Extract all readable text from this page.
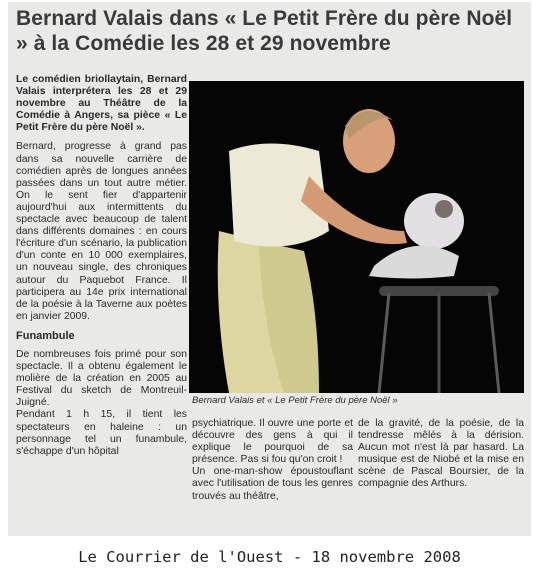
Bernard Valais dans « Le Petit Frère du père Noël » à la Comédie les 28 et 29 novembre

Le comédien briollaytain, Bernard Valais interprétera les 28 et 29 novembre au Théâtre de la Comédie à Angers, sa pièce « Le Petit Frère du père Noël ».

Bernard, progresse à grand pas dans sa nouvelle carrière de comédien après de longues années passées dans un tout autre métier. On le sent fier d'appartenir aujourd'hui aux intermittents du spectacle avec beaucoup de talent dans différents domaines : en cours l'écriture d'un scénario, la publication d'un conte en 10 000 exemplaires, un nouveau single, des chroniques autour du Paquebot France. Il participera au 14e prix international de la poésie à la Taverne aux poètes en janvier 2009.

Funambule

De nombreuses fois primé pour son spectacle. Il a obtenu également le molière de la création en 2005 au Festival du sketch de Montreuil-Juigné.

Pendant 1 h 15, il tient les spectateurs en haleine : un personnage tel un funambule, s'échappe d'un hôpital

Bernard Valais et « Le Petit Frère du père Noël »

psychiatrique. Il ouvre une porte et découvre des gens à qui il explique le pourquoi de sa présence. Pas si fou qu'on croit !

Un one-man-show époustouflant avec l'utilisation de tous les genres trouvés au théâtre,

de la gravité, de la poésie, de la tendresse mêlés à la dérision. Aucun mot n'est là par hasard. La musique est de Niobé et la mise en scène de Pascal Boursier, de la compagnie des Arthurs.

Le Courrier de l'Ouest - 18 novembre 2008
